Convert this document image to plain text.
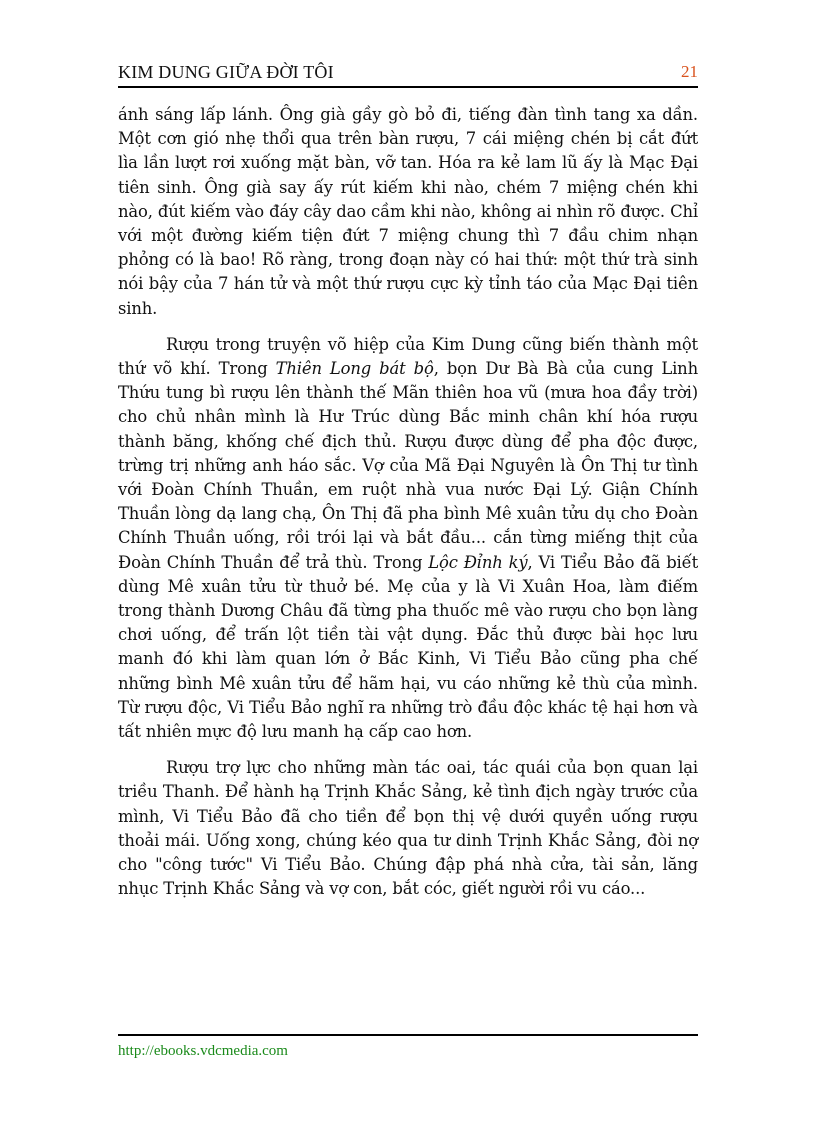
KIM DUNG GIỮA ĐỜI TÔI	21

ánh sáng lấp lánh. Ông già gầy gò bỏ đi, tiếng đàn tình tang xa dần. Một cơn gió nhẹ thổi qua trên bàn rượu, 7 cái miệng chén bị cắt đứt lìa lần lượt rơi xuống mặt bàn, vỡ tan. Hóa ra kẻ lam lũ ấy là Mạc Đại tiên sinh. Ông già say ấy rút kiếm khi nào, chém 7 miệng chén khi nào, đút kiếm vào đáy cây dao cầm khi nào, không ai nhìn rõ được. Chỉ với một đường kiếm tiện đứt 7 miệng chung thì 7 đầu chim nhạn phỏng có là bao! Rõ ràng, trong đoạn này có hai thứ: một thứ trà sinh nói bậy của 7 hán tử và một thứ rượu cực kỳ tỉnh táo của Mạc Đại tiên sinh.

Rượu trong truyện võ hiệp của Kim Dung cũng biến thành một thứ võ khí. Trong Thiên Long bát bộ, bọn Dư Bà Bà của cung Linh Thứu tung bì rượu lên thành thế Mãn thiên hoa vũ (mưa hoa đầy trời) cho chủ nhân mình là Hư Trúc dùng Bắc minh chân khí hóa rượu thành băng, khống chế địch thủ. Rượu được dùng để pha độc được, trừng trị những anh háo sắc. Vợ của Mã Đại Nguyên là Ôn Thị tư tình với Đoàn Chính Thuần, em ruột nhà vua nước Đại Lý. Giận Chính Thuần lòng dạ lang chạ, Ôn Thị đã pha bình Mê xuân tửu dụ cho Đoàn Chính Thuần uống, rồi trói lại và bắt đầu... cắn từng miếng thịt của Đoàn Chính Thuần để trả thù. Trong Lộc Đỉnh ký, Vi Tiểu Bảo đã biết dùng Mê xuân tửu từ thuở bé. Mẹ của y là Vi Xuân Hoa, làm điếm trong thành Dương Châu đã từng pha thuốc mê vào rượu cho bọn làng chơi uống, để trấn lột tiền tài vật dụng. Đắc thủ được bài học lưu manh đó khi làm quan lớn ở Bắc Kinh, Vi Tiểu Bảo cũng pha chế những bình Mê xuân tửu để hãm hại, vu cáo những kẻ thù của mình. Từ rượu độc, Vi Tiểu Bảo nghĩ ra những trò đầu độc khác tệ hại hơn và tất nhiên mực độ lưu manh hạ cấp cao hơn.

Rượu trợ lực cho những màn tác oai, tác quái của bọn quan lại triều Thanh. Để hành hạ Trịnh Khắc Sảng, kẻ tình địch ngày trước của mình, Vi Tiểu Bảo đã cho tiền để bọn thị vệ dưới quyền uống rượu thoải mái. Uống xong, chúng kéo qua tư dinh Trịnh Khắc Sảng, đòi nợ cho "công tước" Vi Tiểu Bảo. Chúng đập phá nhà cửa, tài sản, lăng nhục Trịnh Khắc Sảng và vợ con, bắt cóc, giết người rồi vu cáo...

http://ebooks.vdcmedia.com
